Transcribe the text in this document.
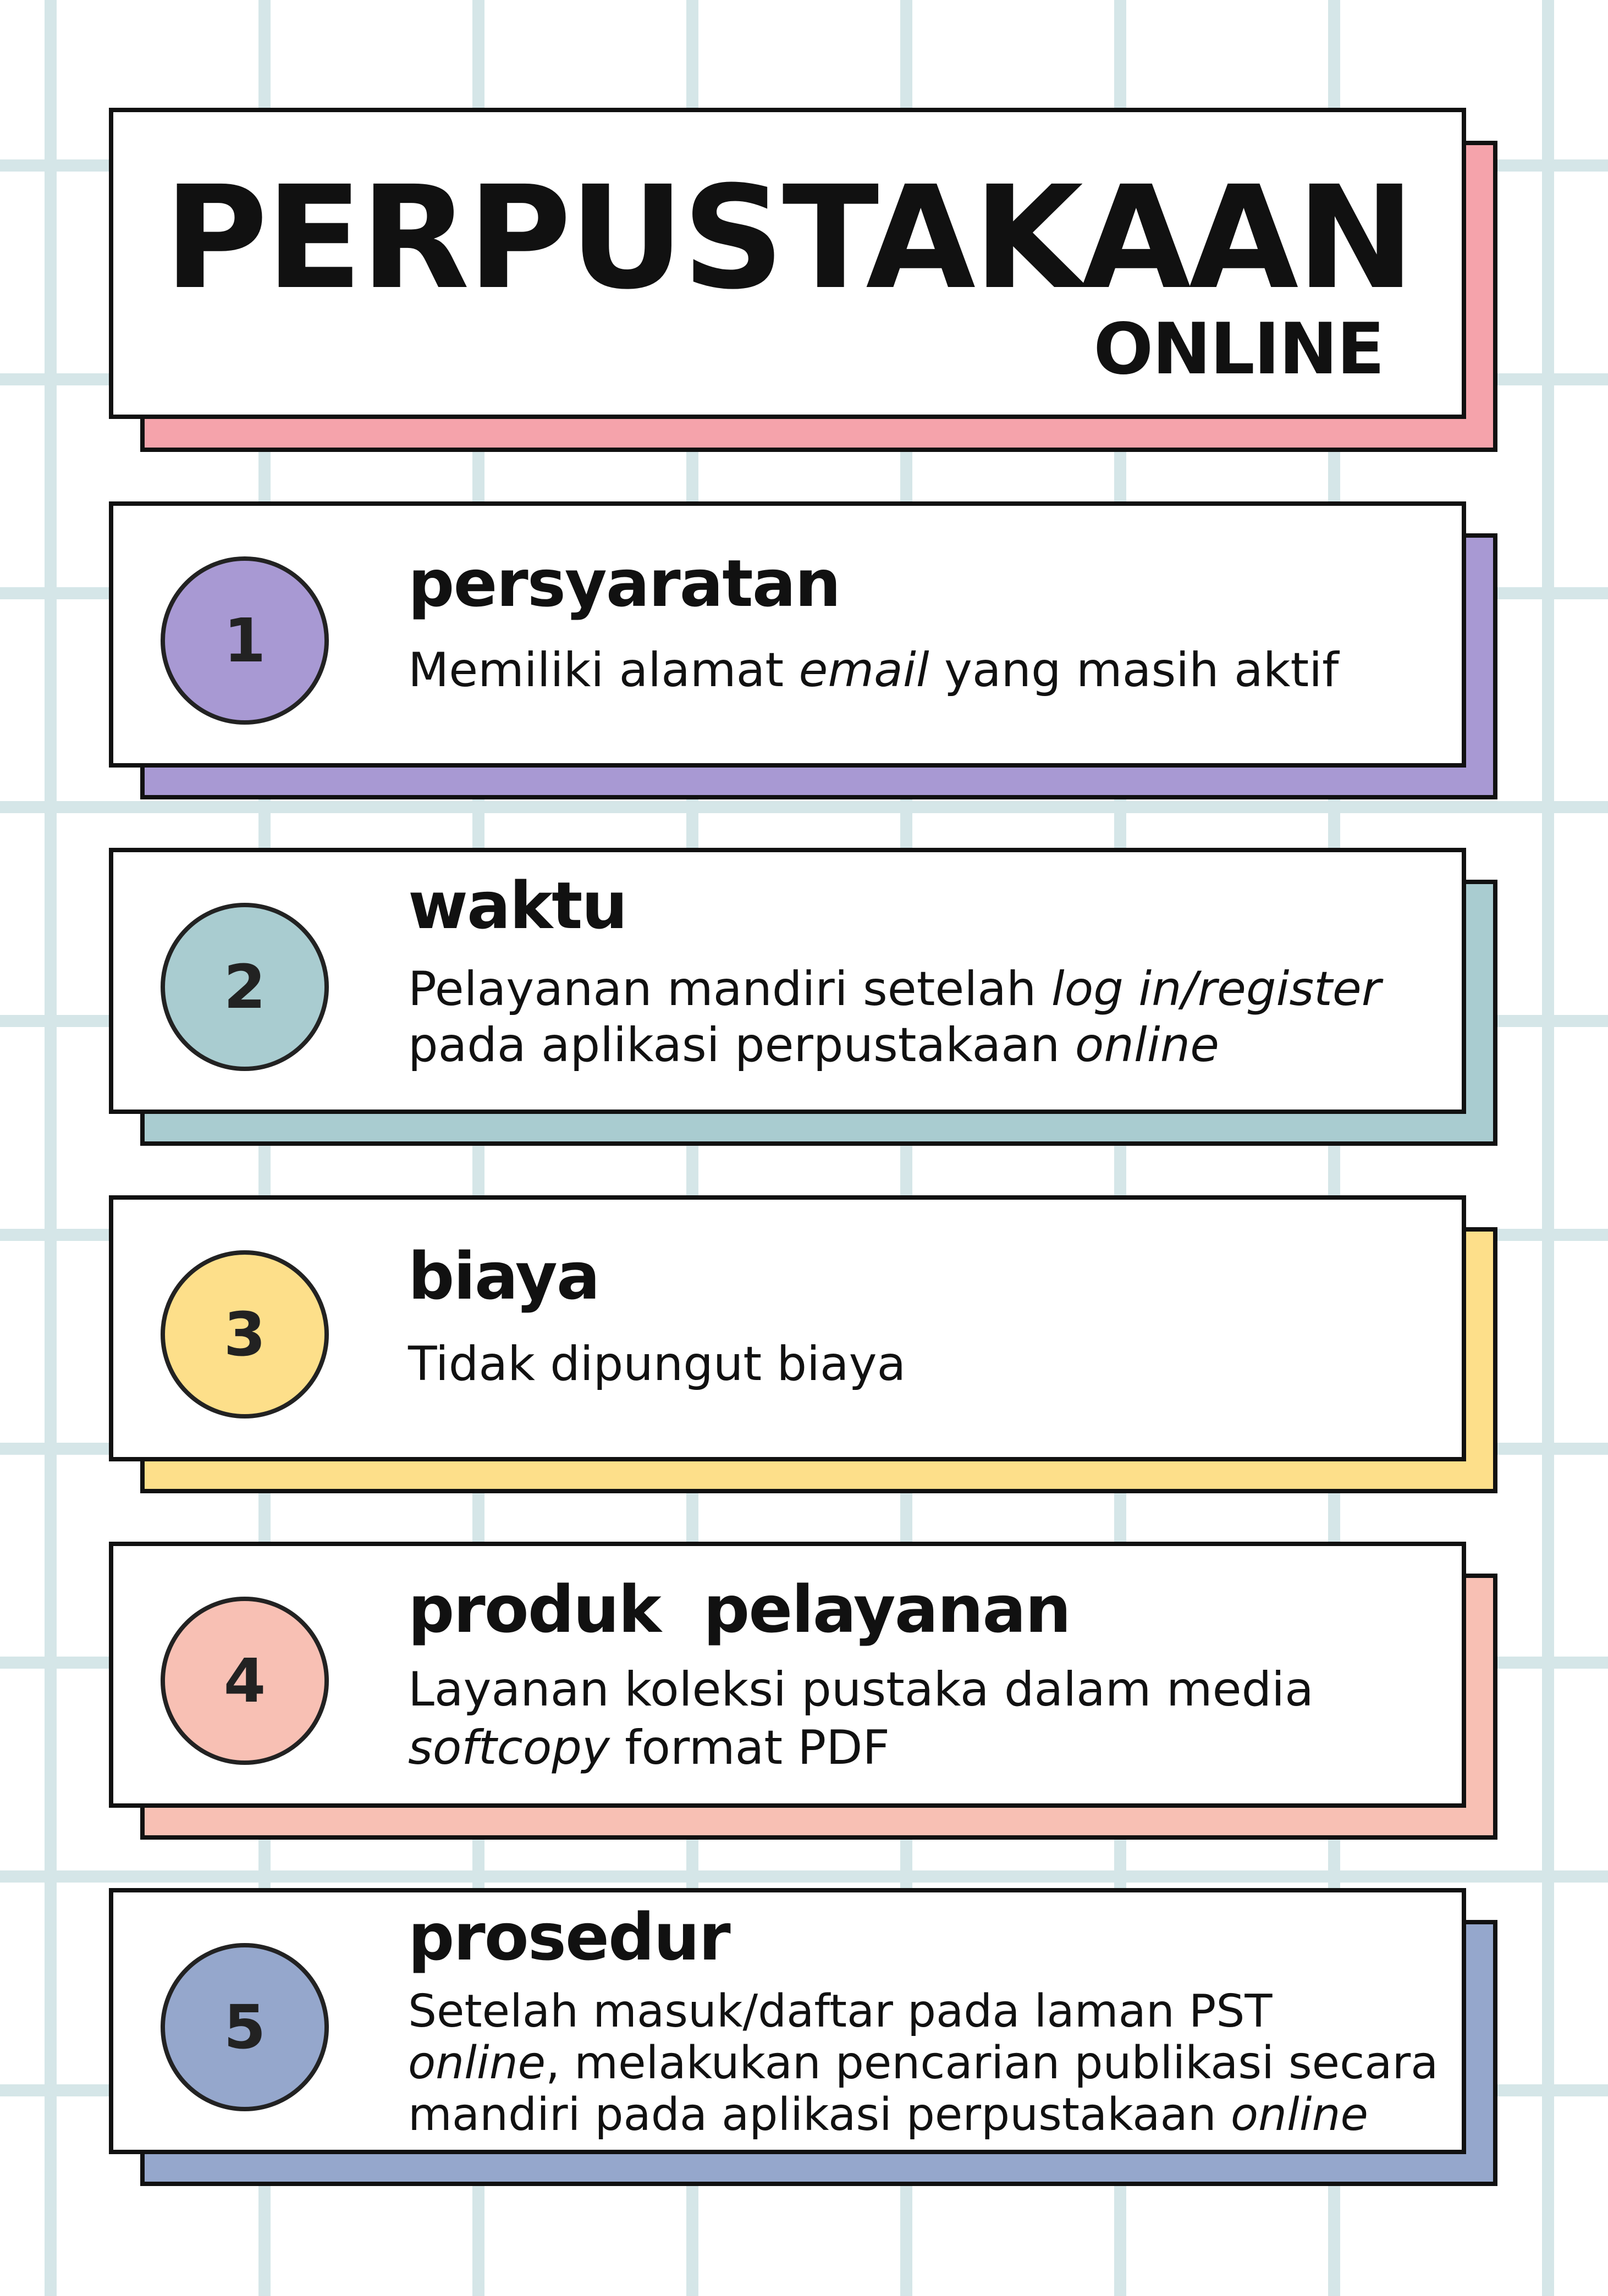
PERPUSTAKAAN
ONLINE
1
persyaratan

Memiliki alamat email yang masih aktif

2
waktu

Pelayanan mandiri setelah log in/register
pada aplikasi perpustakaan online

3
biaya

Tidak dipungut biaya

4
produk  pelayanan

Layanan koleksi pustaka dalam media
softcopy format PDF

5
prosedur

Setelah masuk/daftar pada laman PST
online, melakukan pencarian publikasi secara
mandiri pada aplikasi perpustakaan online
